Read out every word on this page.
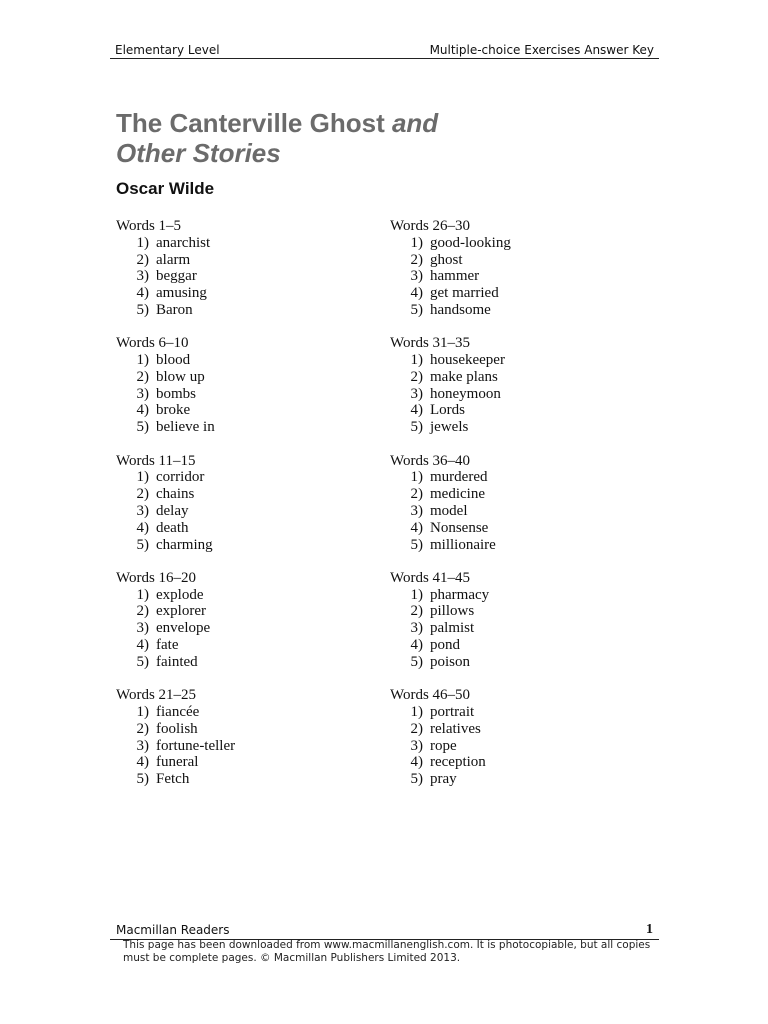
Elementary Level	Multiple-choice Exercises Answer Key
The Canterville Ghost and
Other Stories
Oscar Wilde
Words 1–5
1) anarchist
2) alarm
3) beggar
4) amusing
5) Baron
Words 6–10
1) blood
2) blow up
3) bombs
4) broke
5) believe in
Words 11–15
1) corridor
2) chains
3) delay
4) death
5) charming
Words 16–20
1) explode
2) explorer
3) envelope
4) fate
5) fainted
Words 21–25
1) fiancée
2) foolish
3) fortune-teller
4) funeral
5) Fetch
Words 26–30
1) good-looking
2) ghost
3) hammer
4) get married
5) handsome
Words 31–35
1) housekeeper
2) make plans
3) honeymoon
4) Lords
5) jewels
Words 36–40
1) murdered
2) medicine
3) model
4) Nonsense
5) millionaire
Words 41–45
1) pharmacy
2) pillows
3) palmist
4) pond
5) poison
Words 46–50
1) portrait
2) relatives
3) rope
4) reception
5) pray
Macmillan Readers	1
This page has been downloaded from www.macmillanenglish.com. It is photocopiable, but all copies must be complete pages. © Macmillan Publishers Limited 2013.
